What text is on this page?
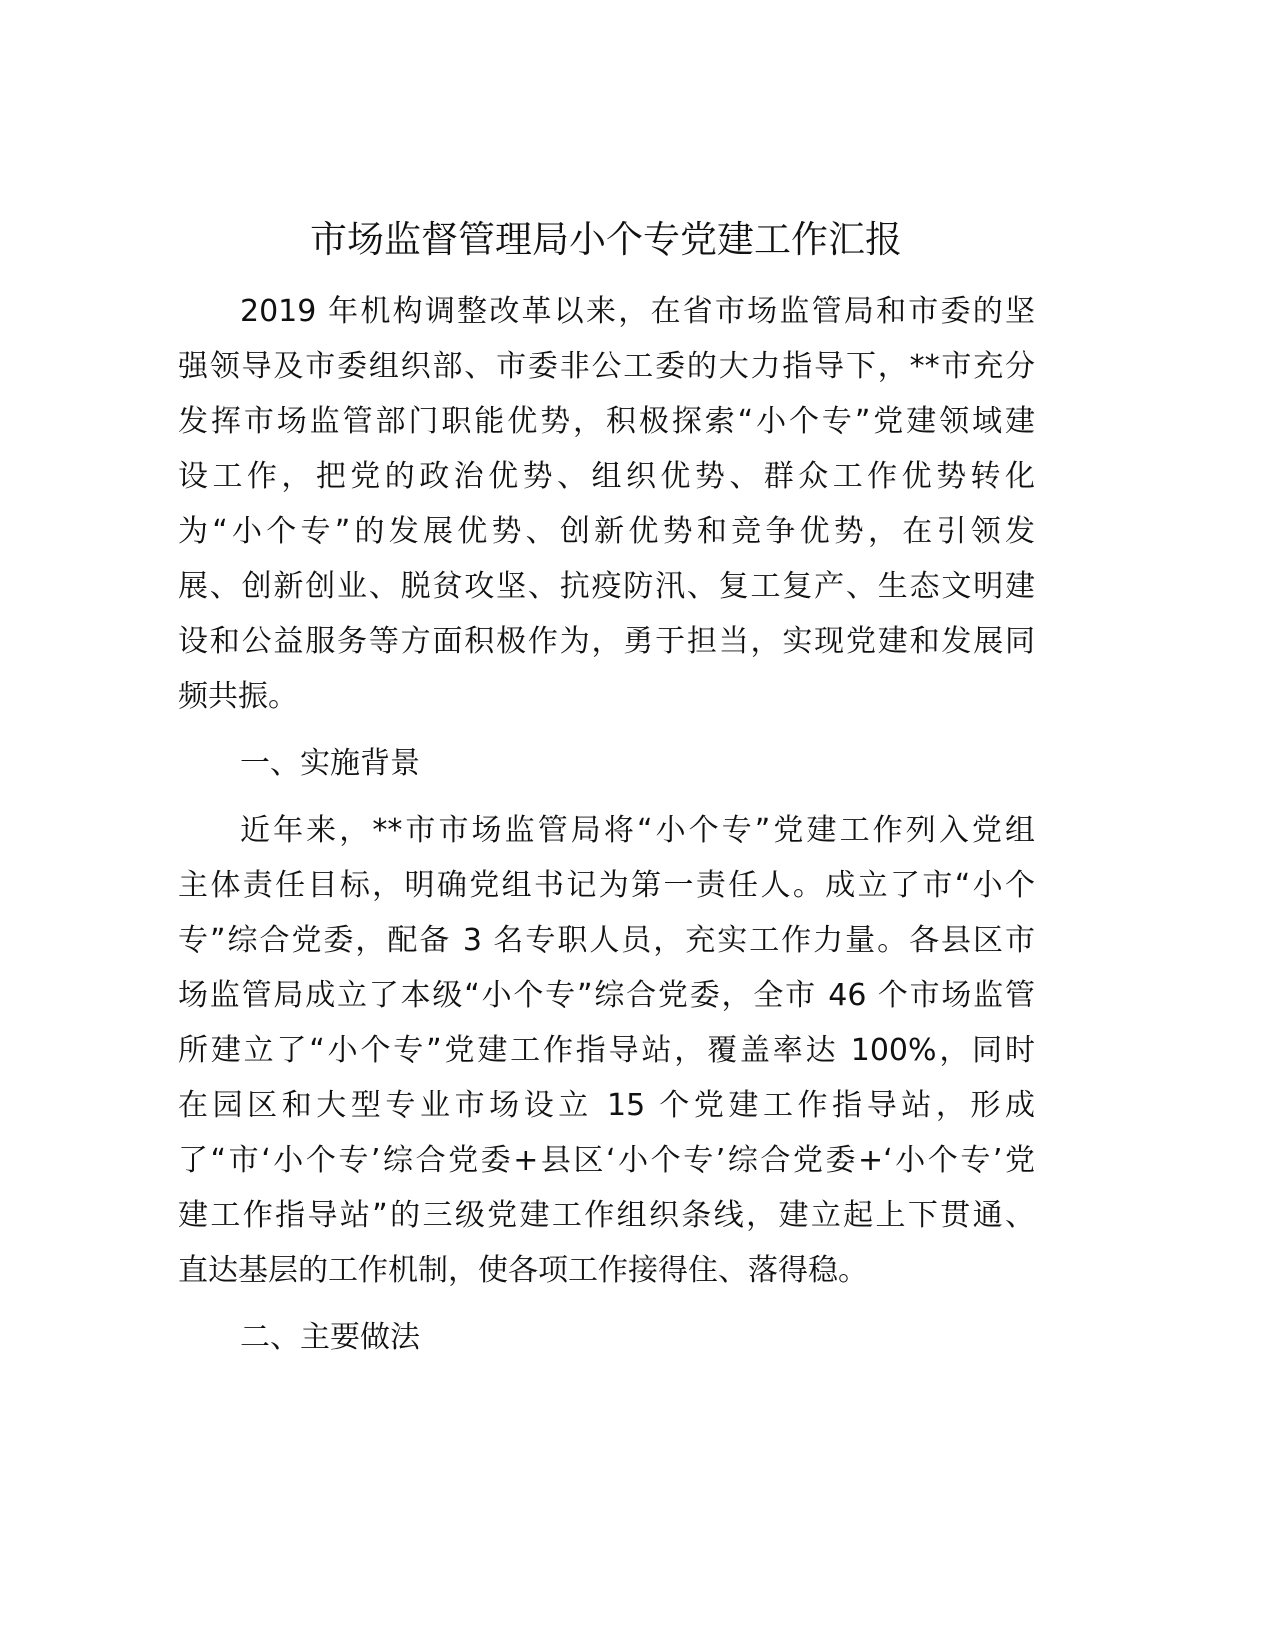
市场监督管理局小个专党建工作汇报
2019 年机构调整改革以来，在省市场监管局和市委的坚
强领导及市委组织部、市委非公工委的大力指导下，**市充分
发挥市场监管部门职能优势，积极探索“小个专”党建领域建
设工作，把党的政治优势、组织优势、群众工作优势转化
为“小个专”的发展优势、创新优势和竞争优势，在引领发
展、创新创业、脱贫攻坚、抗疫防汛、复工复产、生态文明建
设和公益服务等方面积极作为，勇于担当，实现党建和发展同
频共振。
一、实施背景
近年来，**市市场监管局将“小个专”党建工作列入党组
主体责任目标，明确党组书记为第一责任人。成立了市“小个
专”综合党委，配备 3 名专职人员，充实工作力量。各县区市
场监管局成立了本级“小个专”综合党委，全市 46 个市场监管
所建立了“小个专”党建工作指导站，覆盖率达 100%，同时
在园区和大型专业市场设立 15 个党建工作指导站，形成
了“市‘小个专’综合党委+县区‘小个专’综合党委+‘小个专’党
建工作指导站”的三级党建工作组织条线，建立起上下贯通、
直达基层的工作机制，使各项工作接得住、落得稳。
二、主要做法
